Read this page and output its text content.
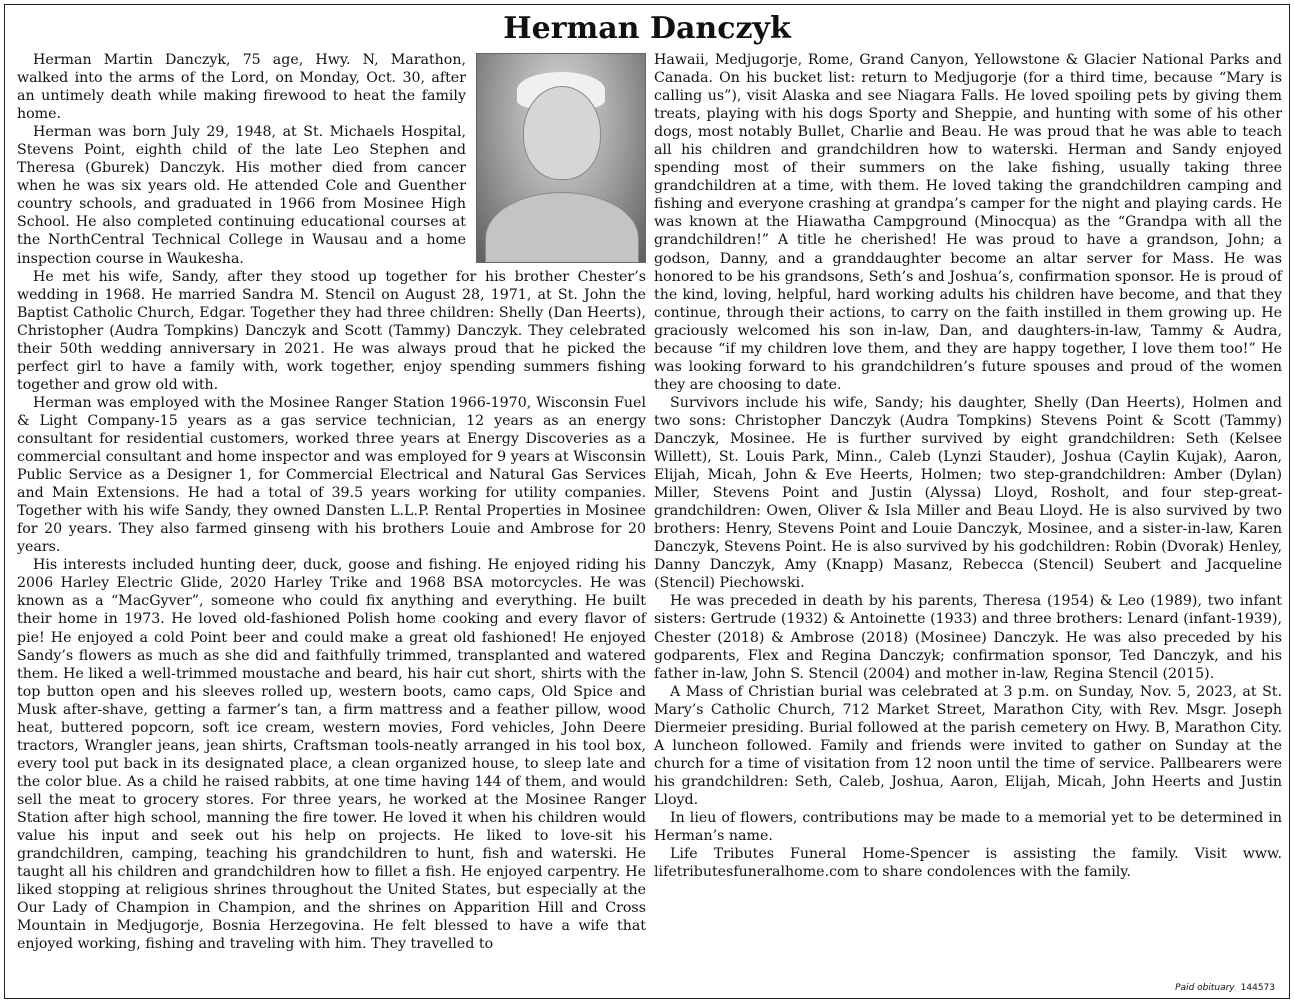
Herman Danczyk

Herman Martin Danczyk, 75 age, Hwy. N, Marathon, walked into the arms of the Lord, on Monday, Oct. 30, after an untimely death while making firewood to heat the family home.

Herman was born July 29, 1948, at St. Michaels Hospital, Stevens Point, eighth child of the late Leo Stephen and Theresa (Gburek) Danczyk. His mother died from cancer when he was six years old. He attended Cole and Guenther country schools, and graduated in 1966 from Mosinee High School. He also completed continuing educational courses at the NorthCentral Technical College in Wausau and a home inspection course in Waukesha.

He met his wife, Sandy, after they stood up together for his brother Chester’s wedding in 1968. He married Sandra M. Stencil on August 28, 1971, at St. John the Baptist Catholic Church, Edgar. Together they had three children: Shelly (Dan Heerts), Christopher (Audra Tompkins) Danczyk and Scott (Tammy) Danczyk. They celebrated their 50th wedding anniversary in 2021. He was always proud that he picked the perfect girl to have a family with, work together, enjoy spending summers fishing together and grow old with.

Herman was employed with the Mosinee Ranger Station 1966-1970, Wisconsin Fuel & Light Company-15 years as a gas service technician, 12 years as an energy consultant for residential customers, worked three years at Energy Discoveries as a commercial consultant and home inspector and was employed for 9 years at Wisconsin Public Service as a Designer 1, for Commercial Electrical and Natural Gas Services and Main Extensions. He had a total of 39.5 years working for utility companies. Together with his wife Sandy, they owned Dansten L.L.P. Rental Properties in Mosinee for 20 years. They also farmed ginseng with his brothers Louie and Ambrose for 20 years.

His interests included hunting deer, duck, goose and fishing. He enjoyed riding his 2006 Harley Electric Glide, 2020 Harley Trike and 1968 BSA motorcycles. He was known as a “MacGyver”, someone who could fix anything and everything. He built their home in 1973. He loved old-fashioned Polish home cooking and every flavor of pie! He enjoyed a cold Point beer and could make a great old fashioned! He enjoyed Sandy’s flowers as much as she did and faithfully trimmed, transplanted and watered them. He liked a well-trimmed moustache and beard, his hair cut short, shirts with the top button open and his sleeves rolled up, western boots, camo caps, Old Spice and Musk after-shave, getting a farmer’s tan, a firm mattress and a feather pillow, wood heat, buttered popcorn, soft ice cream, western movies, Ford vehicles, John Deere tractors, Wrangler jeans, jean shirts, Craftsman tools-neatly arranged in his tool box, every tool put back in its designated place, a clean organized house, to sleep late and the color blue. As a child he raised rabbits, at one time having 144 of them, and would sell the meat to grocery stores. For three years, he worked at the Mosinee Ranger Station after high school, manning the fire tower. He loved it when his children would value his input and seek out his help on projects. He liked to love-sit his grandchildren, camping, teaching his grandchildren to hunt, fish and waterski. He taught all his children and grandchildren how to fillet a fish. He enjoyed carpentry. He liked stopping at religious shrines throughout the United States, but especially at the Our Lady of Champion in Champion, and the shrines on Apparition Hill and Cross Mountain in Medjugorje, Bosnia Herzegovina. He felt blessed to have a wife that enjoyed working, fishing and traveling with him. They travelled to

Hawaii, Medjugorje, Rome, Grand Canyon, Yellowstone & Glacier National Parks and Canada. On his bucket list: return to Medjugorje (for a third time, because “Mary is calling us”), visit Alaska and see Niagara Falls. He loved spoiling pets by giving them treats, playing with his dogs Sporty and Sheppie, and hunting with some of his other dogs, most notably Bullet, Charlie and Beau. He was proud that he was able to teach all his children and grandchildren how to waterski. Herman and Sandy enjoyed spending most of their summers on the lake fishing, usually taking three grandchildren at a time, with them. He loved taking the grandchildren camping and fishing and everyone crashing at grandpa’s camper for the night and playing cards. He was known at the Hiawatha Campground (Minocqua) as the “Grandpa with all the grandchildren!” A title he cherished! He was proud to have a grandson, John; a godson, Danny, and a granddaughter become an altar server for Mass. He was honored to be his grandsons, Seth’s and Joshua’s, confirmation sponsor. He is proud of the kind, loving, helpful, hard working adults his children have become, and that they continue, through their actions, to carry on the faith instilled in them growing up. He graciously welcomed his son in-law, Dan, and daughters-in-law, Tammy & Audra, because “if my children love them, and they are happy together, I love them too!” He was looking forward to his grandchildren’s future spouses and proud of the women they are choosing to date.

Survivors include his wife, Sandy; his daughter, Shelly (Dan Heerts), Holmen and two sons: Christopher Danczyk (Audra Tompkins) Stevens Point & Scott (Tammy) Danczyk, Mosinee. He is further survived by eight grandchildren: Seth (Kelsee Willett), St. Louis Park, Minn., Caleb (Lynzi Stauder), Joshua (Caylin Kujak), Aaron, Elijah, Micah, John & Eve Heerts, Holmen; two step-grandchildren: Amber (Dylan) Miller, Stevens Point and Justin (Alyssa) Lloyd, Rosholt, and four step-great-grandchildren: Owen, Oliver & Isla Miller and Beau Lloyd. He is also survived by two brothers: Henry, Stevens Point and Louie Danczyk, Mosinee, and a sister-in-law, Karen Danczyk, Stevens Point. He is also survived by his godchildren: Robin (Dvorak) Henley, Danny Danczyk, Amy (Knapp) Masanz, Rebecca (Stencil) Seubert and Jacqueline (Stencil) Piechowski.

He was preceded in death by his parents, Theresa (1954) & Leo (1989), two infant sisters: Gertrude (1932) & Antoinette (1933) and three brothers: Lenard (infant-1939), Chester (2018) & Ambrose (2018) (Mosinee) Danczyk. He was also preceded by his godparents, Flex and Regina Danczyk; confirmation sponsor, Ted Danczyk, and his father in-law, John S. Stencil (2004) and mother in-law, Regina Stencil (2015).

A Mass of Christian burial was celebrated at 3 p.m. on Sunday, Nov. 5, 2023, at St. Mary’s Catholic Church, 712 Market Street, Marathon City, with Rev. Msgr. Joseph Diermeier presiding. Burial followed at the parish cemetery on Hwy. B, Marathon City. A luncheon followed. Family and friends were invited to gather on Sunday at the church for a time of visitation from 12 noon until the time of service. Pallbearers were his grandchildren: Seth, Caleb, Joshua, Aaron, Elijah, Micah, John Heerts and Justin Lloyd.

In lieu of flowers, contributions may be made to a memorial yet to be determined in Herman’s name.

Life Tributes Funeral Home-Spencer is assisting the family. Visit www. lifetributesfuneralhome.com to share condolences with the family.

Paid obituary 144573
